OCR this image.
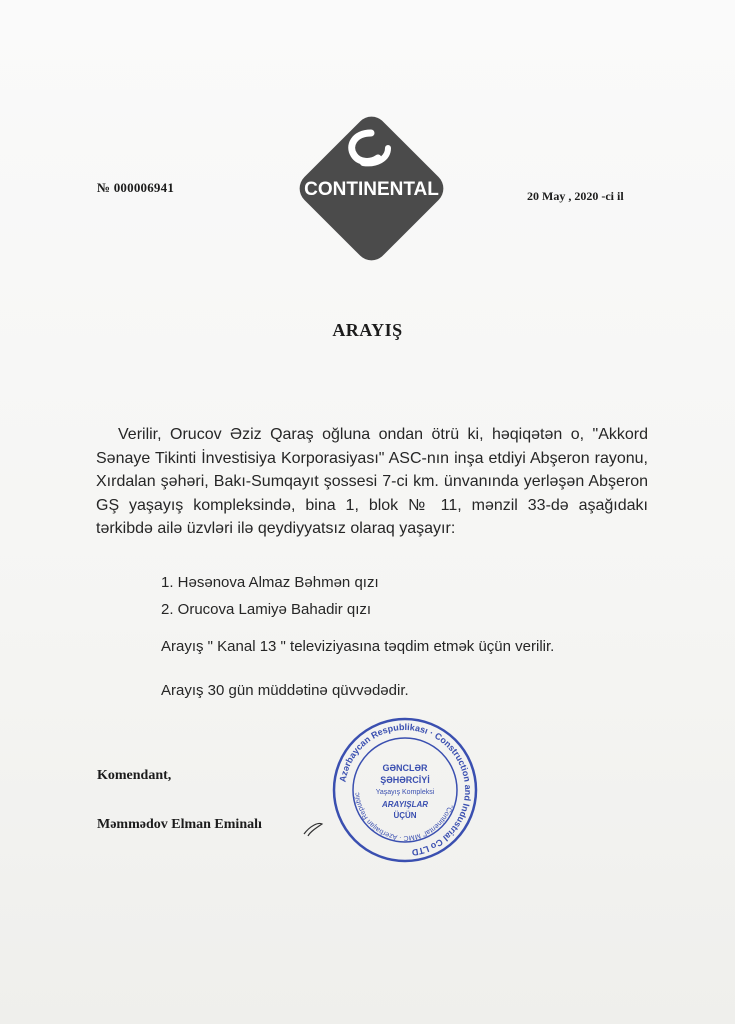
№ 000006941	CONTINENTAL	20 May , 2020 -ci il
ARAYIŞ
Verilir, Orucov Əziz Qaraş oğluna ondan ötrü ki, həqiqətən o, "Akkord Sənaye Tikinti İnvestisiya Korporasiyası" ASC-nın inşa etdiyi Abşeron rayonu, Xırdalan şəhəri, Bakı-Sumqayıt şossesi 7-ci km. ünvanında yerləşən Abşeron GŞ yaşayış kompleksində, bina 1, blok № 11, mənzil 33-də aşağıdakı tərkibdə ailə üzvləri ilə qeydiyyatsız olaraq yaşayır:
1. Həsənova Almaz Bəhmən qızı
2. Orucova Lamiyə Bahadir qızı
Arayış " Kanal 13 " televiziyasına təqdim etmək üçün verilir.
Arayış 30 gün müddətinə qüvvədədir.
Komendant,
Məmmədov Elman Eminalı
Azərbaycan Respublikası · Construction and Industrial Co LTD
"Continental" MMC · Azerbaijan Republic
GƏNCLƏR
ŞƏHƏRCİYİ
Yaşayış Kompleksi
ARAYIŞLAR
ÜÇÜN
